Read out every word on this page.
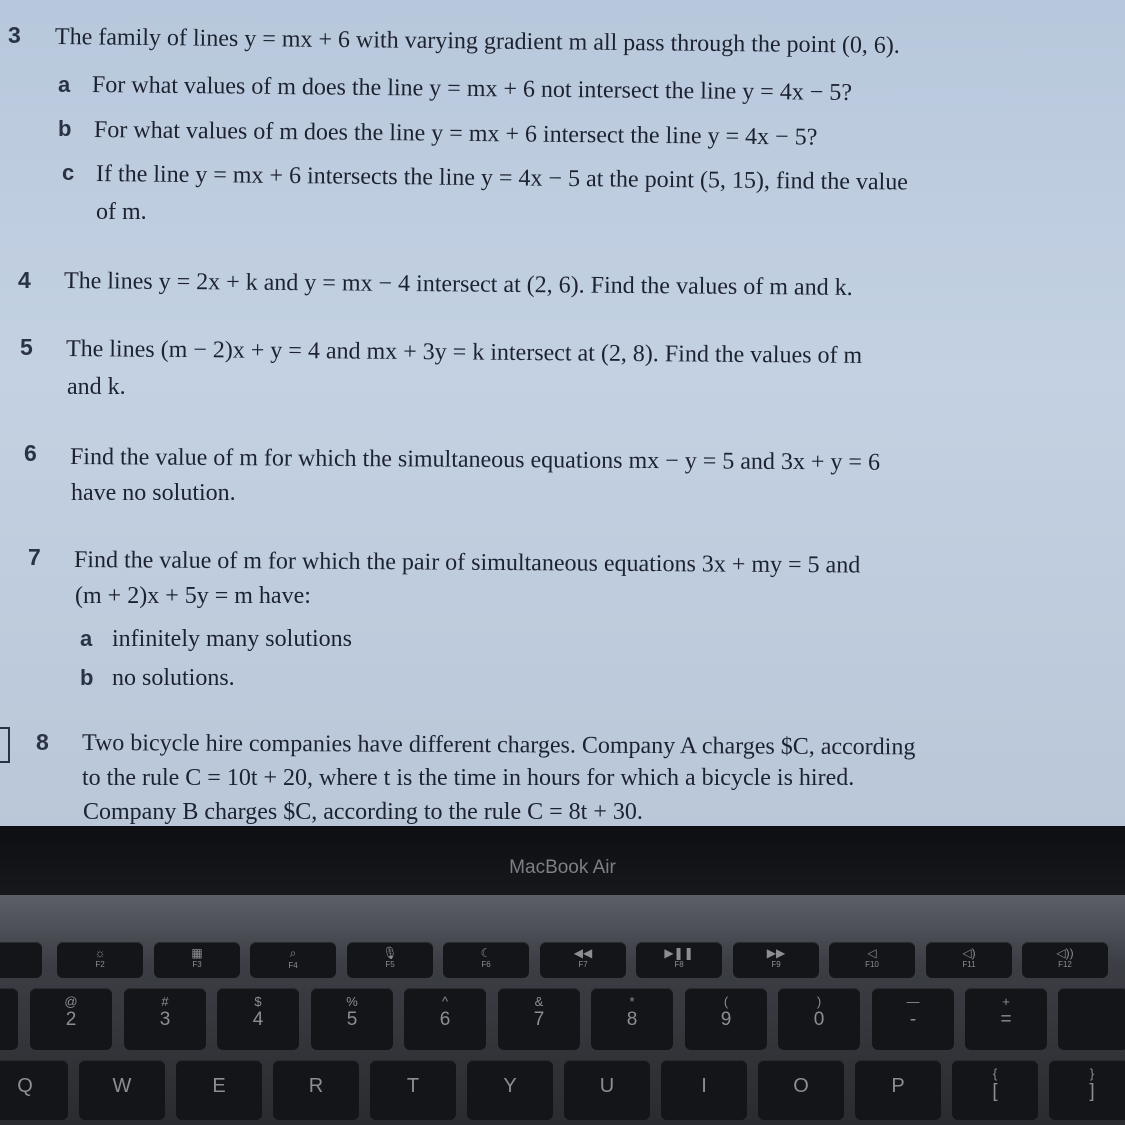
3 The family of lines y = mx + 6 with varying gradient m all pass through the point (0, 6).
a For what values of m does the line y = mx + 6 not intersect the line y = 4x − 5?
b For what values of m does the line y = mx + 6 intersect the line y = 4x − 5?
c If the line y = mx + 6 intersects the line y = 4x − 5 at the point (5, 15), find the value
of m.
4 The lines y = 2x + k and y = mx − 4 intersect at (2, 6). Find the values of m and k.
5 The lines (m − 2)x + y = 4 and mx + 3y = k intersect at (2, 8). Find the values of m
and k.
6 Find the value of m for which the simultaneous equations mx − y = 5 and 3x + y = 6
have no solution.
7 Find the value of m for which the pair of simultaneous equations 3x + my = 5 and
(m + 2)x + 5y = m have:
a infinitely many solutions
b no solutions.
8 Two bicycle hire companies have different charges. Company A charges $C, according
to the rule C = 10t + 20, where t is the time in hours for which a bicycle is hired.
Company B charges $C, according to the rule C = 8t + 30.
MacBook Air
☼
F2
▦
F3
⌕
F4
🎙
F5
☾
F6
◀◀
F7
▶❚❚
F8
▶▶
F9
◁
F10
◁)
F11
◁))
F12
@
2
#
3
$
4
%
5
^
6
&
7
*
8
(
9
)
0
—
-
+
=
Q	W	E	R	T	Y	U	I	O	P
{
[
}
]
